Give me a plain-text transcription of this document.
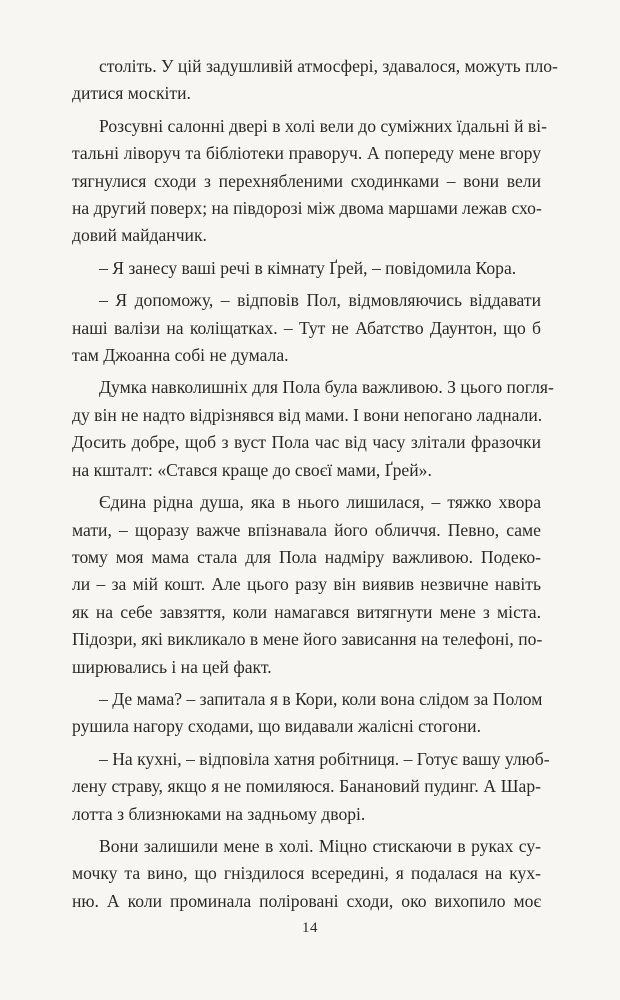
століть. У цій задушливій атмосфері, здавалося, можуть пло-
дитися москіти.

Розсувні салонні двері в холі вели до суміжних їдальні й ві-
тальні ліворуч та бібліотеки праворуч. А попереду мене вгору
тягнулися сходи з перехнябленими сходинками – вони вели
на другий поверх; на півдорозі між двома маршами лежав схо-
довий майданчик.

– Я занесу ваші речі в кімнату Ґрей, – повідомила Кора.

– Я допоможу, – відповів Пол, відмовляючись віддавати
наші валізи на коліщатках. – Тут не Абатство Даунтон, що б
там Джоанна собі не думала.

Думка навколишніх для Пола була важливою. З цього погля-
ду він не надто відрізнявся від мами. І вони непогано ладнали.
Досить добре, щоб з вуст Пола час від часу злітали фразочки
на кшталт: «Стався краще до своєї мами, Ґрей».

Єдина рідна душа, яка в нього лишилася, – тяжко хвора
мати, – щоразу важче впізнавала його обличчя. Певно, саме
тому моя мама стала для Пола надміру важливою. Подеко-
ли – за мій кошт. Але цього разу він виявив незвичне навіть
як на себе завзяття, коли намагався витягнути мене з міста.
Підозри, які викликало в мене його зависання на телефоні, по-
ширювались і на цей факт.

– Де мама? – запитала я в Кори, коли вона слідом за Полом
рушила нагору сходами, що видавали жалісні стогони.

– На кухні, – відповіла хатня робітниця. – Готує вашу улюб-
лену страву, якщо я не помиляюся. Банановий пудинг. А Шар-
лотта з близнюками на задньому дворі.

Вони залишили мене в холі. Міцно стискаючи в руках су-
мочку та вино, що гніздилося всередині, я подалася на кух-
ню. А коли проминала поліровані сходи, око вихопило моє

14
